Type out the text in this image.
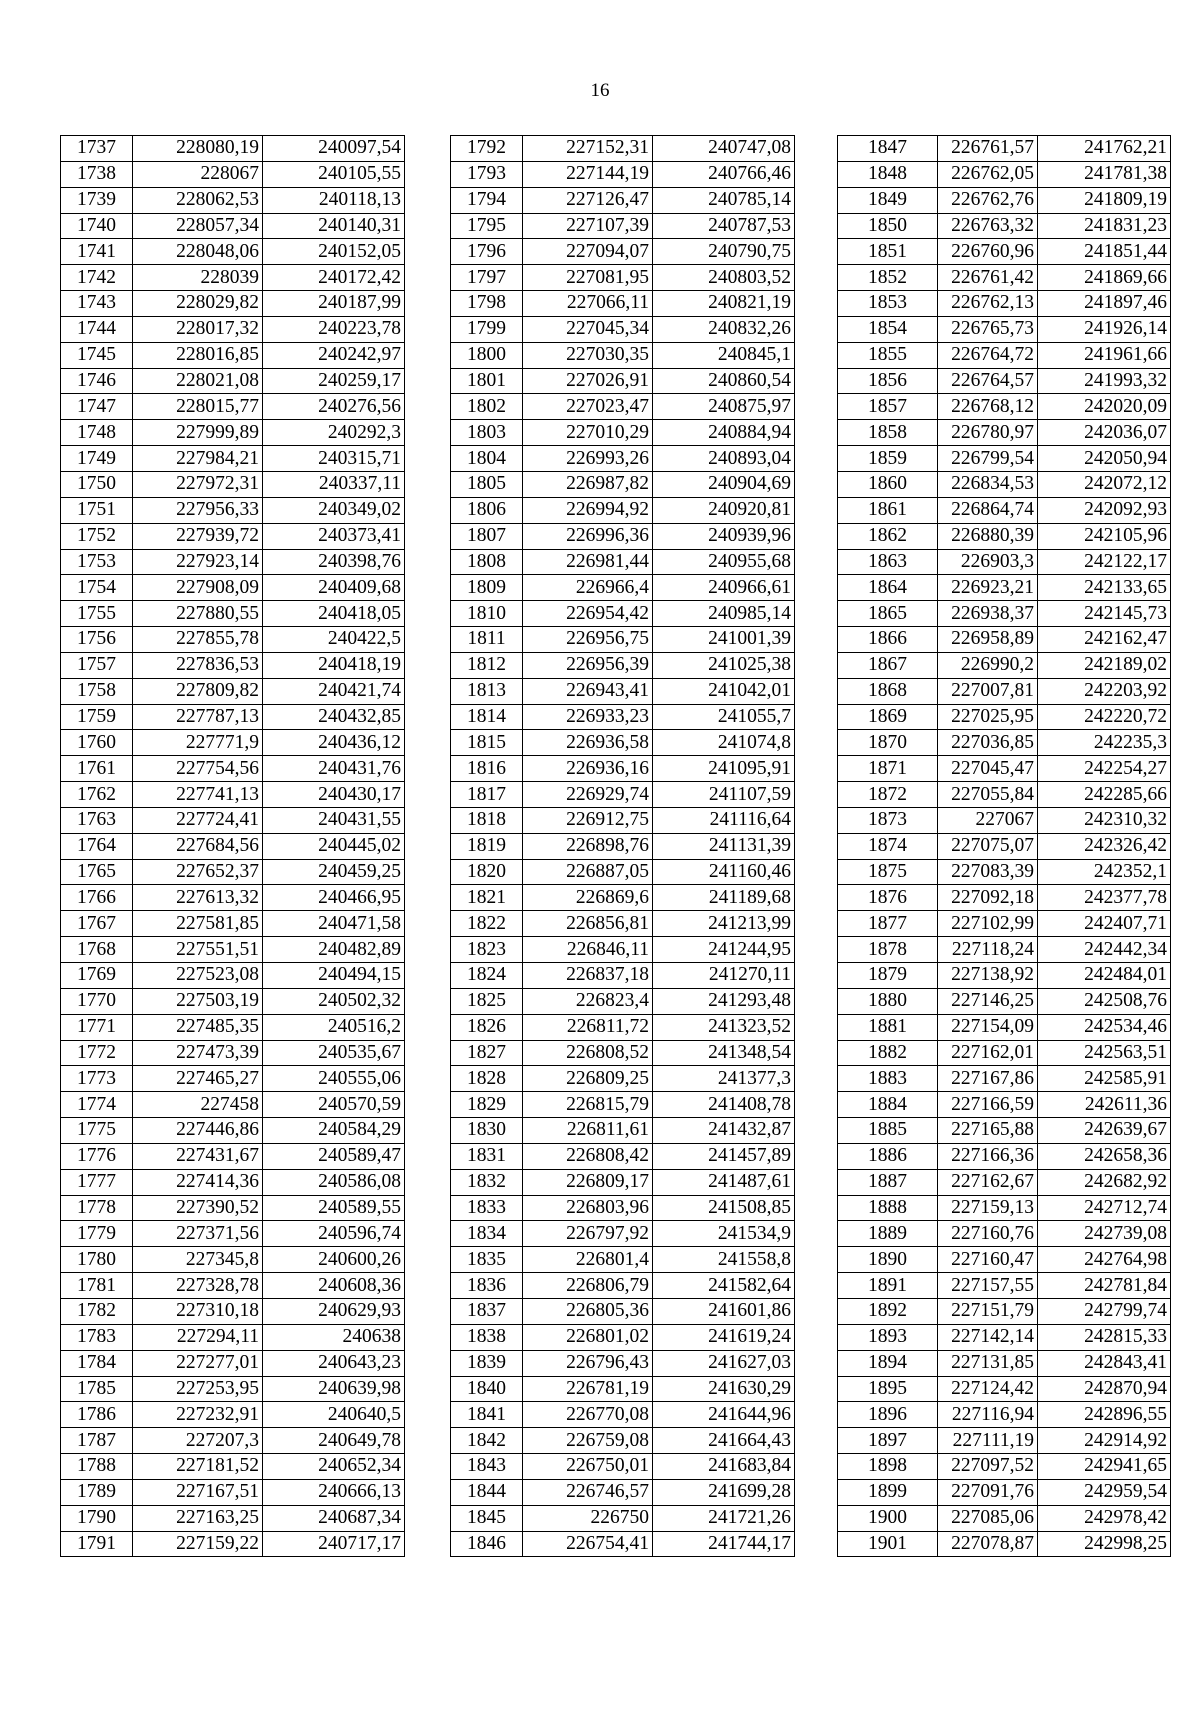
16
1737	228080,19	240097,54
1738	228067	240105,55
1739	228062,53	240118,13
1740	228057,34	240140,31
1741	228048,06	240152,05
1742	228039	240172,42
1743	228029,82	240187,99
1744	228017,32	240223,78
1745	228016,85	240242,97
1746	228021,08	240259,17
1747	228015,77	240276,56
1748	227999,89	240292,3
1749	227984,21	240315,71
1750	227972,31	240337,11
1751	227956,33	240349,02
1752	227939,72	240373,41
1753	227923,14	240398,76
1754	227908,09	240409,68
1755	227880,55	240418,05
1756	227855,78	240422,5
1757	227836,53	240418,19
1758	227809,82	240421,74
1759	227787,13	240432,85
1760	227771,9	240436,12
1761	227754,56	240431,76
1762	227741,13	240430,17
1763	227724,41	240431,55
1764	227684,56	240445,02
1765	227652,37	240459,25
1766	227613,32	240466,95
1767	227581,85	240471,58
1768	227551,51	240482,89
1769	227523,08	240494,15
1770	227503,19	240502,32
1771	227485,35	240516,2
1772	227473,39	240535,67
1773	227465,27	240555,06
1774	227458	240570,59
1775	227446,86	240584,29
1776	227431,67	240589,47
1777	227414,36	240586,08
1778	227390,52	240589,55
1779	227371,56	240596,74
1780	227345,8	240600,26
1781	227328,78	240608,36
1782	227310,18	240629,93
1783	227294,11	240638
1784	227277,01	240643,23
1785	227253,95	240639,98
1786	227232,91	240640,5
1787	227207,3	240649,78
1788	227181,52	240652,34
1789	227167,51	240666,13
1790	227163,25	240687,34
1791	227159,22	240717,17
1792	227152,31	240747,08
1793	227144,19	240766,46
1794	227126,47	240785,14
1795	227107,39	240787,53
1796	227094,07	240790,75
1797	227081,95	240803,52
1798	227066,11	240821,19
1799	227045,34	240832,26
1800	227030,35	240845,1
1801	227026,91	240860,54
1802	227023,47	240875,97
1803	227010,29	240884,94
1804	226993,26	240893,04
1805	226987,82	240904,69
1806	226994,92	240920,81
1807	226996,36	240939,96
1808	226981,44	240955,68
1809	226966,4	240966,61
1810	226954,42	240985,14
1811	226956,75	241001,39
1812	226956,39	241025,38
1813	226943,41	241042,01
1814	226933,23	241055,7
1815	226936,58	241074,8
1816	226936,16	241095,91
1817	226929,74	241107,59
1818	226912,75	241116,64
1819	226898,76	241131,39
1820	226887,05	241160,46
1821	226869,6	241189,68
1822	226856,81	241213,99
1823	226846,11	241244,95
1824	226837,18	241270,11
1825	226823,4	241293,48
1826	226811,72	241323,52
1827	226808,52	241348,54
1828	226809,25	241377,3
1829	226815,79	241408,78
1830	226811,61	241432,87
1831	226808,42	241457,89
1832	226809,17	241487,61
1833	226803,96	241508,85
1834	226797,92	241534,9
1835	226801,4	241558,8
1836	226806,79	241582,64
1837	226805,36	241601,86
1838	226801,02	241619,24
1839	226796,43	241627,03
1840	226781,19	241630,29
1841	226770,08	241644,96
1842	226759,08	241664,43
1843	226750,01	241683,84
1844	226746,57	241699,28
1845	226750	241721,26
1846	226754,41	241744,17
1847	226761,57	241762,21
1848	226762,05	241781,38
1849	226762,76	241809,19
1850	226763,32	241831,23
1851	226760,96	241851,44
1852	226761,42	241869,66
1853	226762,13	241897,46
1854	226765,73	241926,14
1855	226764,72	241961,66
1856	226764,57	241993,32
1857	226768,12	242020,09
1858	226780,97	242036,07
1859	226799,54	242050,94
1860	226834,53	242072,12
1861	226864,74	242092,93
1862	226880,39	242105,96
1863	226903,3	242122,17
1864	226923,21	242133,65
1865	226938,37	242145,73
1866	226958,89	242162,47
1867	226990,2	242189,02
1868	227007,81	242203,92
1869	227025,95	242220,72
1870	227036,85	242235,3
1871	227045,47	242254,27
1872	227055,84	242285,66
1873	227067	242310,32
1874	227075,07	242326,42
1875	227083,39	242352,1
1876	227092,18	242377,78
1877	227102,99	242407,71
1878	227118,24	242442,34
1879	227138,92	242484,01
1880	227146,25	242508,76
1881	227154,09	242534,46
1882	227162,01	242563,51
1883	227167,86	242585,91
1884	227166,59	242611,36
1885	227165,88	242639,67
1886	227166,36	242658,36
1887	227162,67	242682,92
1888	227159,13	242712,74
1889	227160,76	242739,08
1890	227160,47	242764,98
1891	227157,55	242781,84
1892	227151,79	242799,74
1893	227142,14	242815,33
1894	227131,85	242843,41
1895	227124,42	242870,94
1896	227116,94	242896,55
1897	227111,19	242914,92
1898	227097,52	242941,65
1899	227091,76	242959,54
1900	227085,06	242978,42
1901	227078,87	242998,25
